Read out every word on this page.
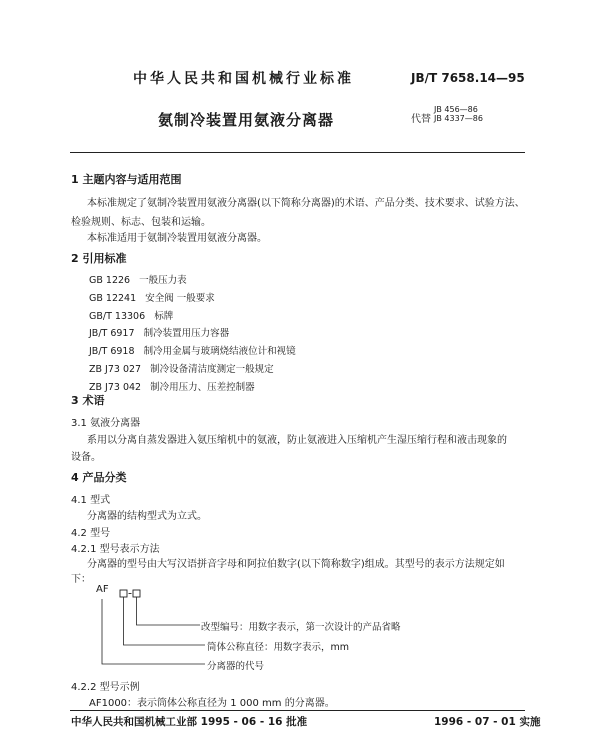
中华人民共和国机械行业标准	JB/T 7658.14—95
氨制冷装置用氨液分离器	代替
JB 456—86
JB 4337—86
1 主题内容与适用范围
本标准规定了氨制冷装置用氨液分离器(以下简称分离器)的术语、产品分类、技术要求、试验方法、
检验规则、标志、包装和运输。
本标准适用于氨制冷装置用氨液分离器。
2 引用标准
GB 1226 一般压力表
GB 12241 安全阀 一般要求
GB/T 13306 标牌
JB/T 6917 制冷装置用压力容器
JB/T 6918 制冷用金属与玻璃烧结液位计和视镜
ZB J73 027 制冷设备清洁度测定一般规定
ZB J73 042 制冷用压力、压差控制器
3 术语
3.1 氨液分离器
系用以分离自蒸发器进入氨压缩机中的氨液，防止氨液进入压缩机产生湿压缩行程和液击现象的
设备。
4 产品分类
4.1 型式
分离器的结构型式为立式。
4.2 型号
4.2.1 型号表示方法
分离器的型号由大写汉语拼音字母和阿拉伯数字(以下简称数字)组成。其型号的表示方法规定如
下：
AF
改型编号：用数字表示，第一次设计的产品省略
筒体公称直径：用数字表示，mm
分离器的代号
4.2.2 型号示例
AF1000：表示筒体公称直径为 1 000 mm 的分离器。
中华人民共和国机械工业部 1995 - 06 - 16 批准	1996 - 07 - 01 实施
